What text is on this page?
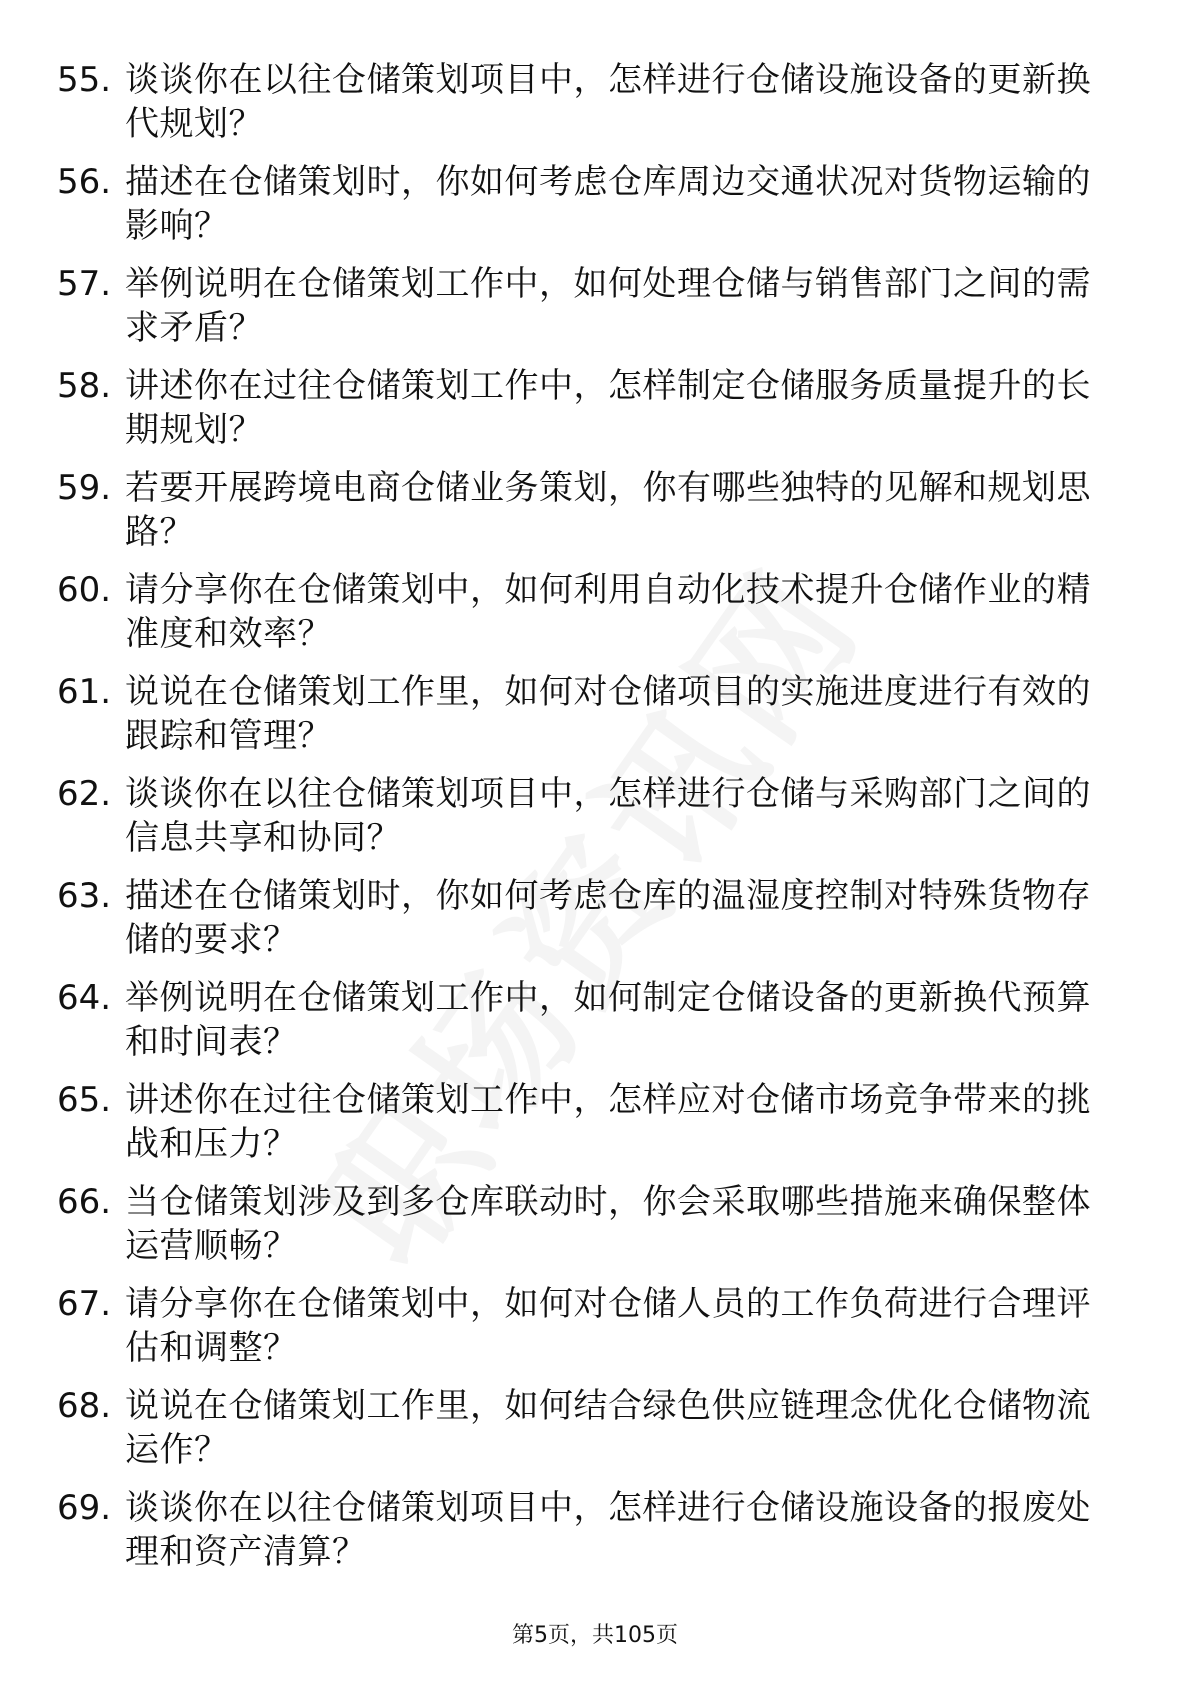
55. 谈谈你在以往仓储策划项目中，怎样进行仓储设施设备的更新换代规划？
56. 描述在仓储策划时，你如何考虑仓库周边交通状况对货物运输的影响？
57. 举例说明在仓储策划工作中，如何处理仓储与销售部门之间的需求矛盾？
58. 讲述你在过往仓储策划工作中，怎样制定仓储服务质量提升的长期规划？
59. 若要开展跨境电商仓储业务策划，你有哪些独特的见解和规划思路？
60. 请分享你在仓储策划中，如何利用自动化技术提升仓储作业的精准度和效率？
61. 说说在仓储策划工作里，如何对仓储项目的实施进度进行有效的跟踪和管理？
62. 谈谈你在以往仓储策划项目中，怎样进行仓储与采购部门之间的信息共享和协同？
63. 描述在仓储策划时，你如何考虑仓库的温湿度控制对特殊货物存储的要求？
64. 举例说明在仓储策划工作中，如何制定仓储设备的更新换代预算和时间表？
65. 讲述你在过往仓储策划工作中，怎样应对仓储市场竞争带来的挑战和压力？
66. 当仓储策划涉及到多仓库联动时，你会采取哪些措施来确保整体运营顺畅？
67. 请分享你在仓储策划中，如何对仓储人员的工作负荷进行合理评估和调整？
68. 说说在仓储策划工作里，如何结合绿色供应链理念优化仓储物流运作？
69. 谈谈你在以往仓储策划项目中，怎样进行仓储设施设备的报废处理和资产清算？
第5页，共105页
